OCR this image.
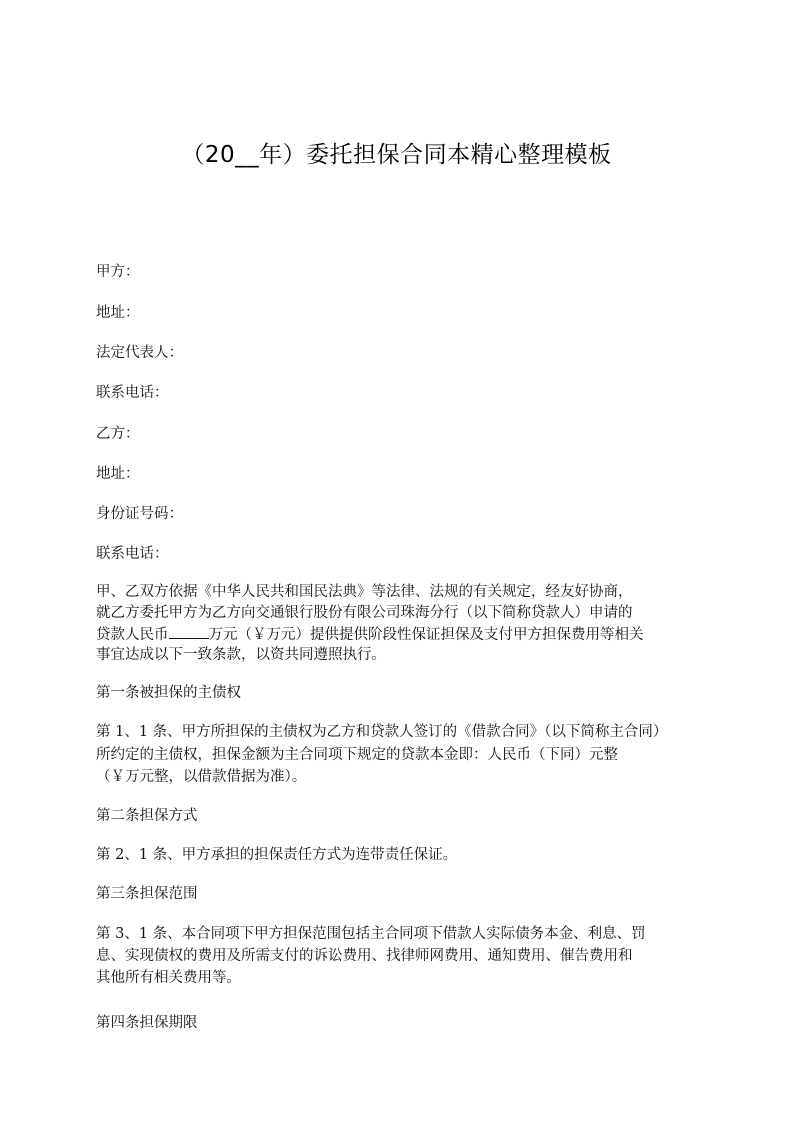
（20__年）委托担保合同本精心整理模板

甲方：

地址：

法定代表人：

联系电话：

乙方：

地址：

身份证号码：

联系电话：

甲、乙双方依据《中华人民共和国民法典》等法律、法规的有关规定，经友好协商，

就乙方委托甲方为乙方向交通银行股份有限公司珠海分行（以下简称贷款人）申请的

贷款人民币	万元（￥万元）提供提供阶段性保证担保及支付甲方担保费用等相关

事宜达成以下一致条款，以资共同遵照执行。

第一条被担保的主债权

第 1、1 条、甲方所担保的主债权为乙方和贷款人签订的《借款合同》（以下简称主合同）

所约定的主债权，担保金额为主合同项下规定的贷款本金即：人民币（下同）元整

（￥万元整，以借款借据为准）。

第二条担保方式

第 2、1 条、甲方承担的担保责任方式为连带责任保证。

第三条担保范围

第 3、1 条、本合同项下甲方担保范围包括主合同项下借款人实际债务本金、利息、罚

息、实现债权的费用及所需支付的诉讼费用、找律师网费用、通知费用、催告费用和

其他所有相关费用等。

第四条担保期限
